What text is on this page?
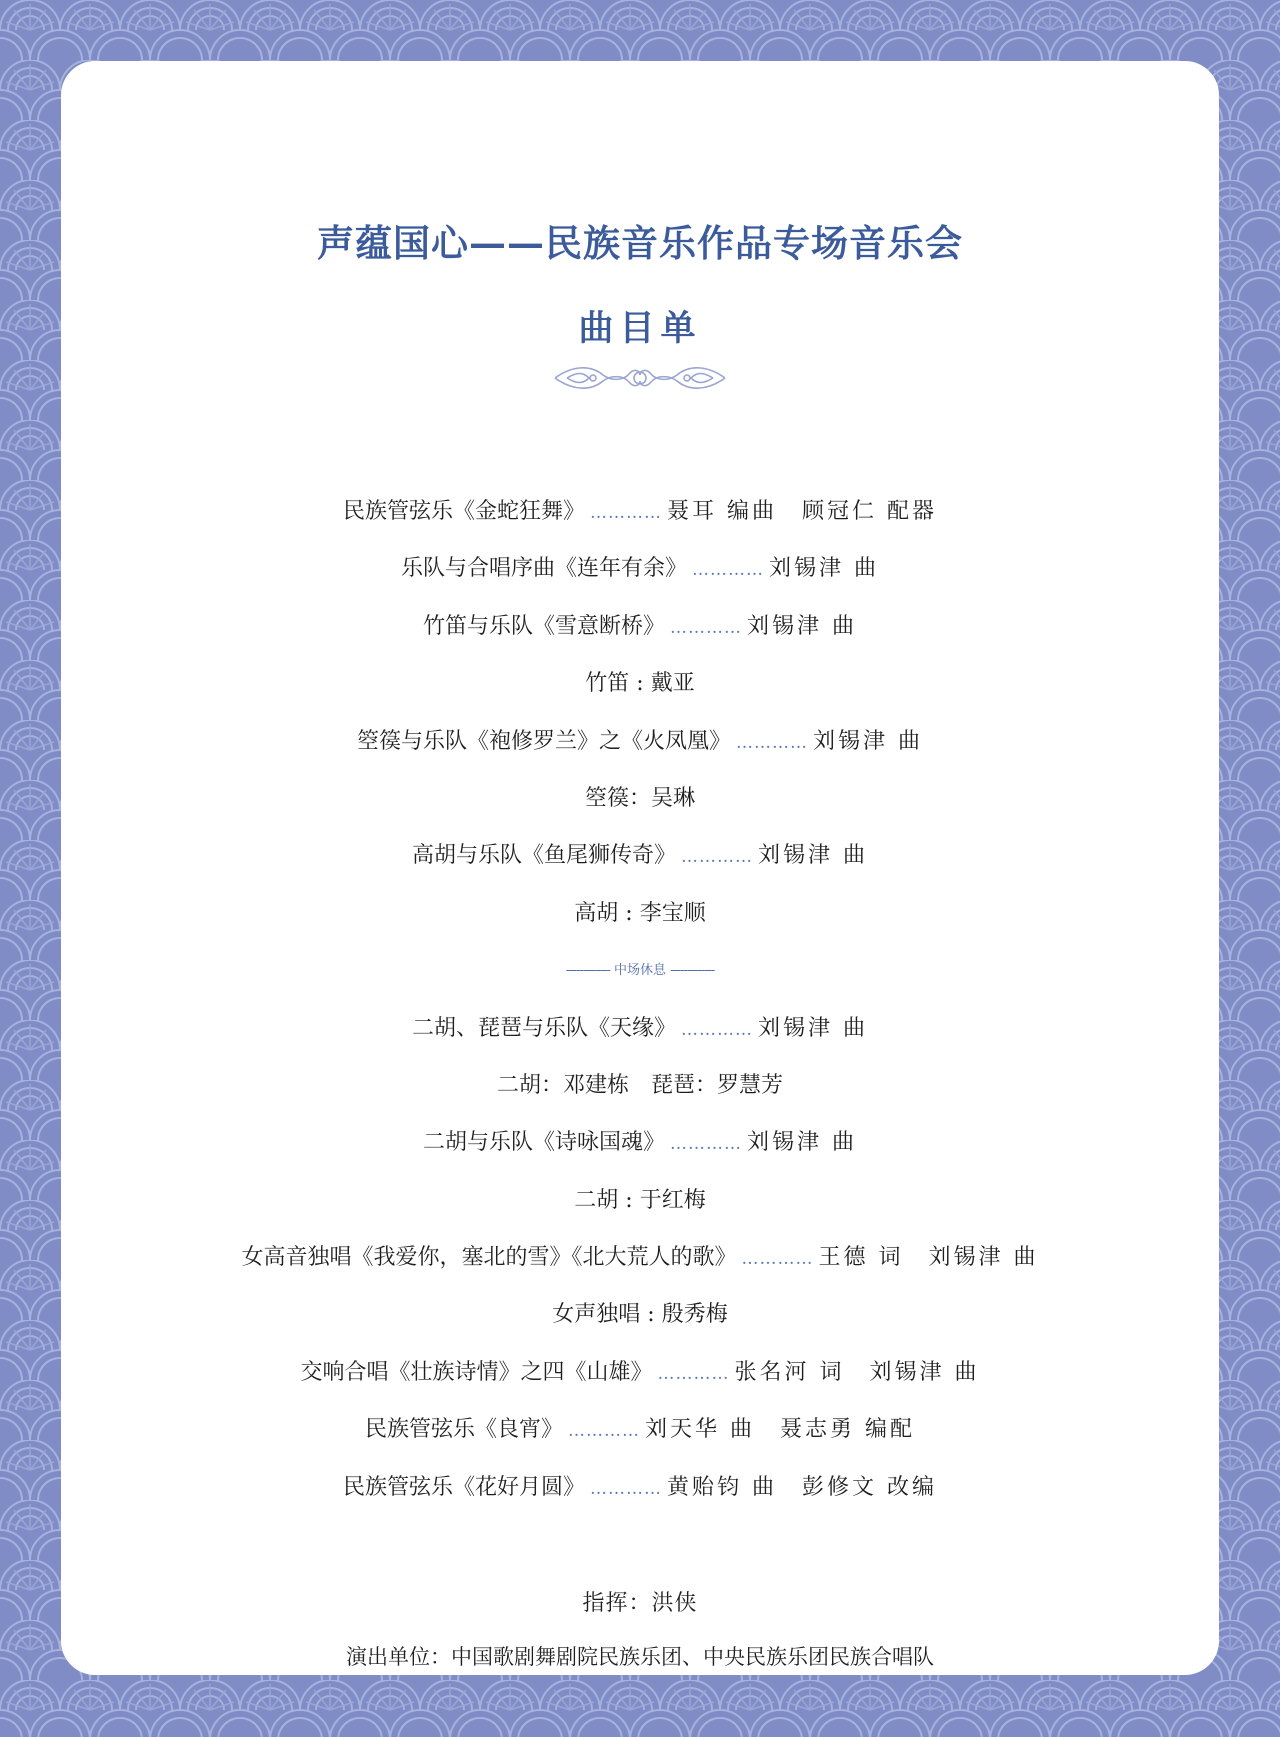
声蕴国心——民族音乐作品专场音乐会
曲目单
民族管弦乐《金蛇狂舞》 ………… 聂耳 编曲　顾冠仁 配器
乐队与合唱序曲《连年有余》 ………… 刘锡津 曲
竹笛与乐队《雪意断桥》 ………… 刘锡津 曲
竹笛 : 戴亚
箜篌与乐队《袍修罗兰》之《火凤凰》 ………… 刘锡津 曲
箜篌：吴琳
高胡与乐队《鱼尾狮传奇》 ………… 刘锡津 曲
高胡 : 李宝顺
------------- 中场休息 -------------
二胡、琵琶与乐队《天缘》 ………… 刘锡津 曲
二胡：邓建栋　琵琶：罗慧芳
二胡与乐队《诗咏国魂》 ………… 刘锡津 曲
二胡 : 于红梅
女高音独唱《我爱你，塞北的雪》《北大荒人的歌》 ………… 王德 词　刘锡津 曲
女声独唱 : 殷秀梅
交响合唱《壮族诗情》之四《山雄》 ………… 张名河 词　刘锡津 曲
民族管弦乐《良宵》 ………… 刘天华 曲　聂志勇 编配
民族管弦乐《花好月圆》 ………… 黄贻钧 曲　彭修文 改编
指挥：洪侠
演出单位：中国歌剧舞剧院民族乐团、中央民族乐团民族合唱队
